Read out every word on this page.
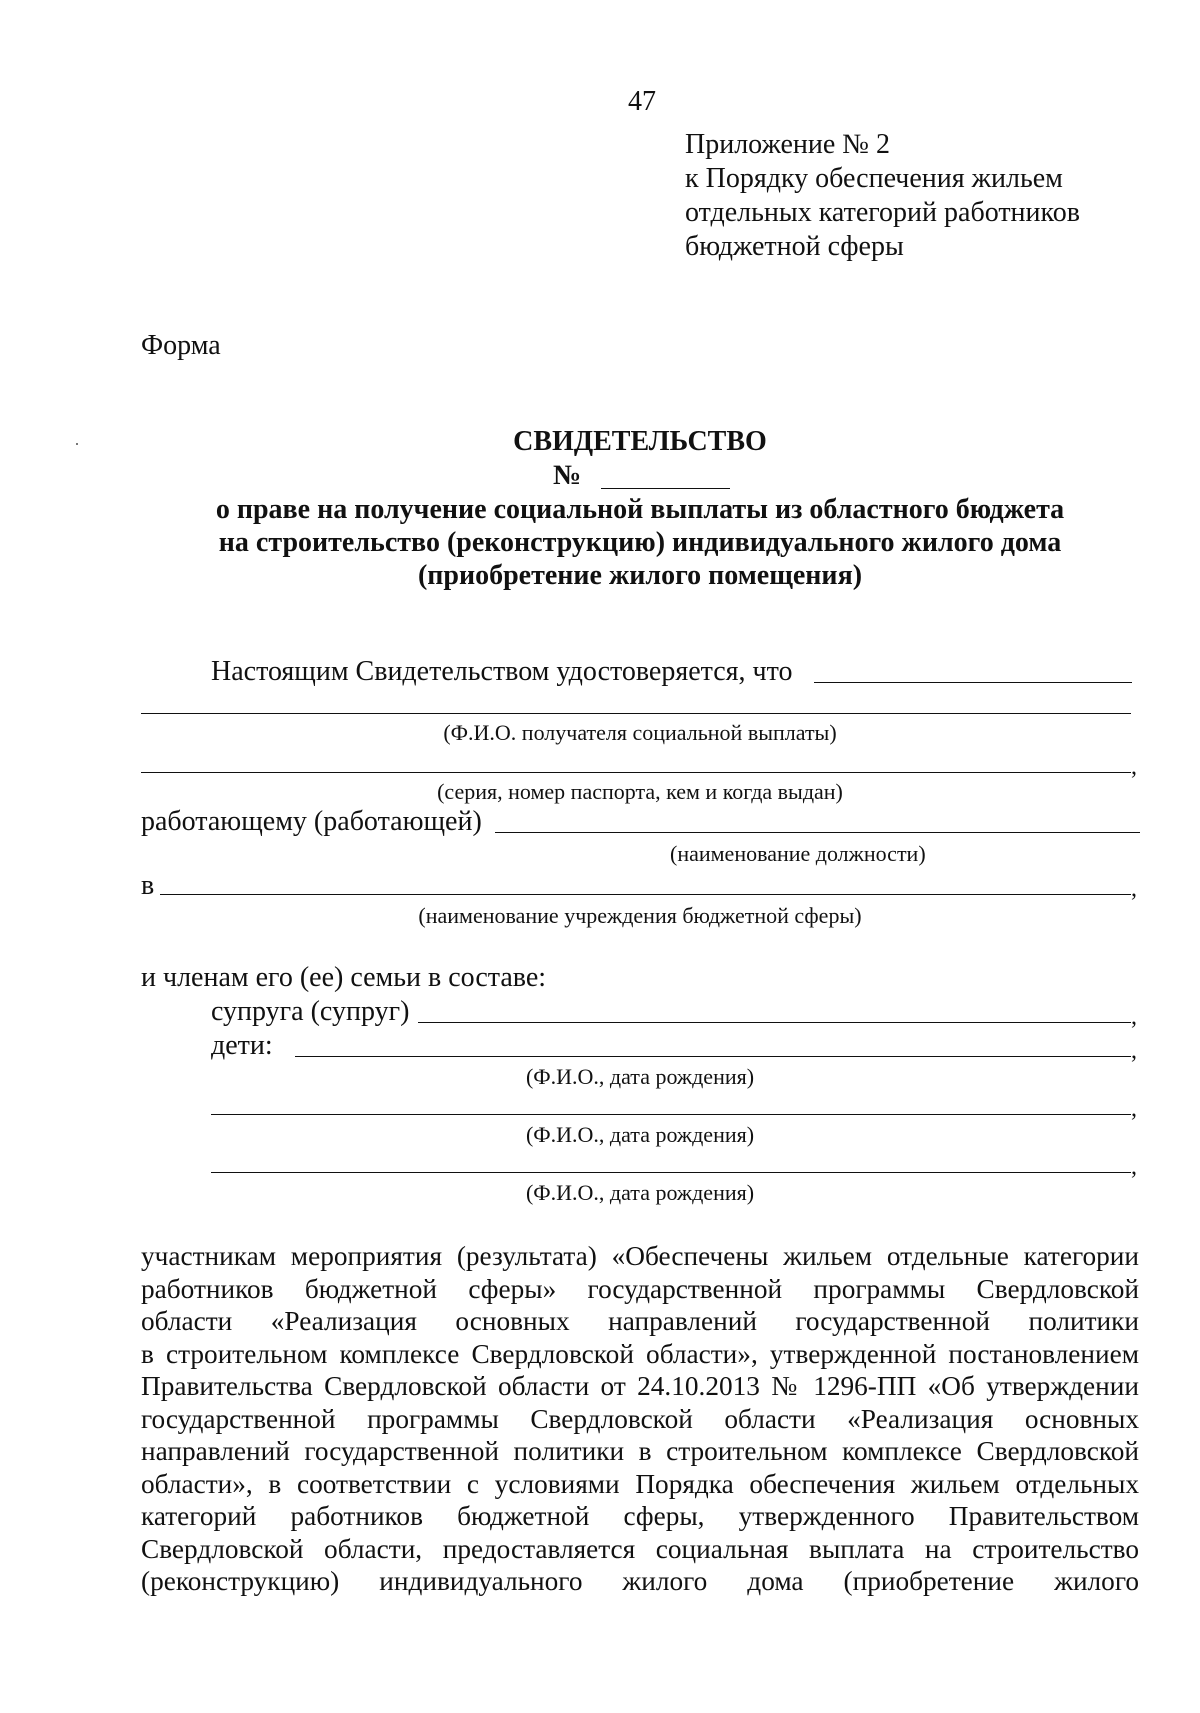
47
Приложение № 2
к Порядку обеспечения жильем
отдельных категорий работников
бюджетной сферы
Форма
СВИДЕТЕЛЬСТВО
№
о праве на получение социальной выплаты из областного бюджета
на строительство (реконструкцию) индивидуального жилого дома
(приобретение жилого помещения)
Настоящим Свидетельством удостоверяется, что
(Ф.И.О. получателя социальной выплаты)
,
(серия, номер паспорта, кем и когда выдан)
работающему (работающей)
(наименование должности)
в	,
(наименование учреждения бюджетной сферы)
и членам его (ее) семьи в составе:
супруга (супруг)	,
дети:	,
(Ф.И.О., дата рождения)
,
(Ф.И.О., дата рождения)
,
(Ф.И.О., дата рождения)
участникам мероприятия (результата) «Обеспечены жильем отдельные категории
работников бюджетной сферы» государственной программы Свердловской
области «Реализация основных направлений государственной политики
в строительном комплексе Свердловской области», утвержденной постановлением
Правительства Свердловской области от 24.10.2013 № 1296-ПП «Об утверждении
государственной программы Свердловской области «Реализация основных
направлений государственной политики в строительном комплексе Свердловской
области», в соответствии с условиями Порядка обеспечения жильем отдельных
категорий работников бюджетной сферы, утвержденного Правительством
Свердловской области, предоставляется социальная выплата на строительство
(реконструкцию) индивидуального жилого дома (приобретение жилого
